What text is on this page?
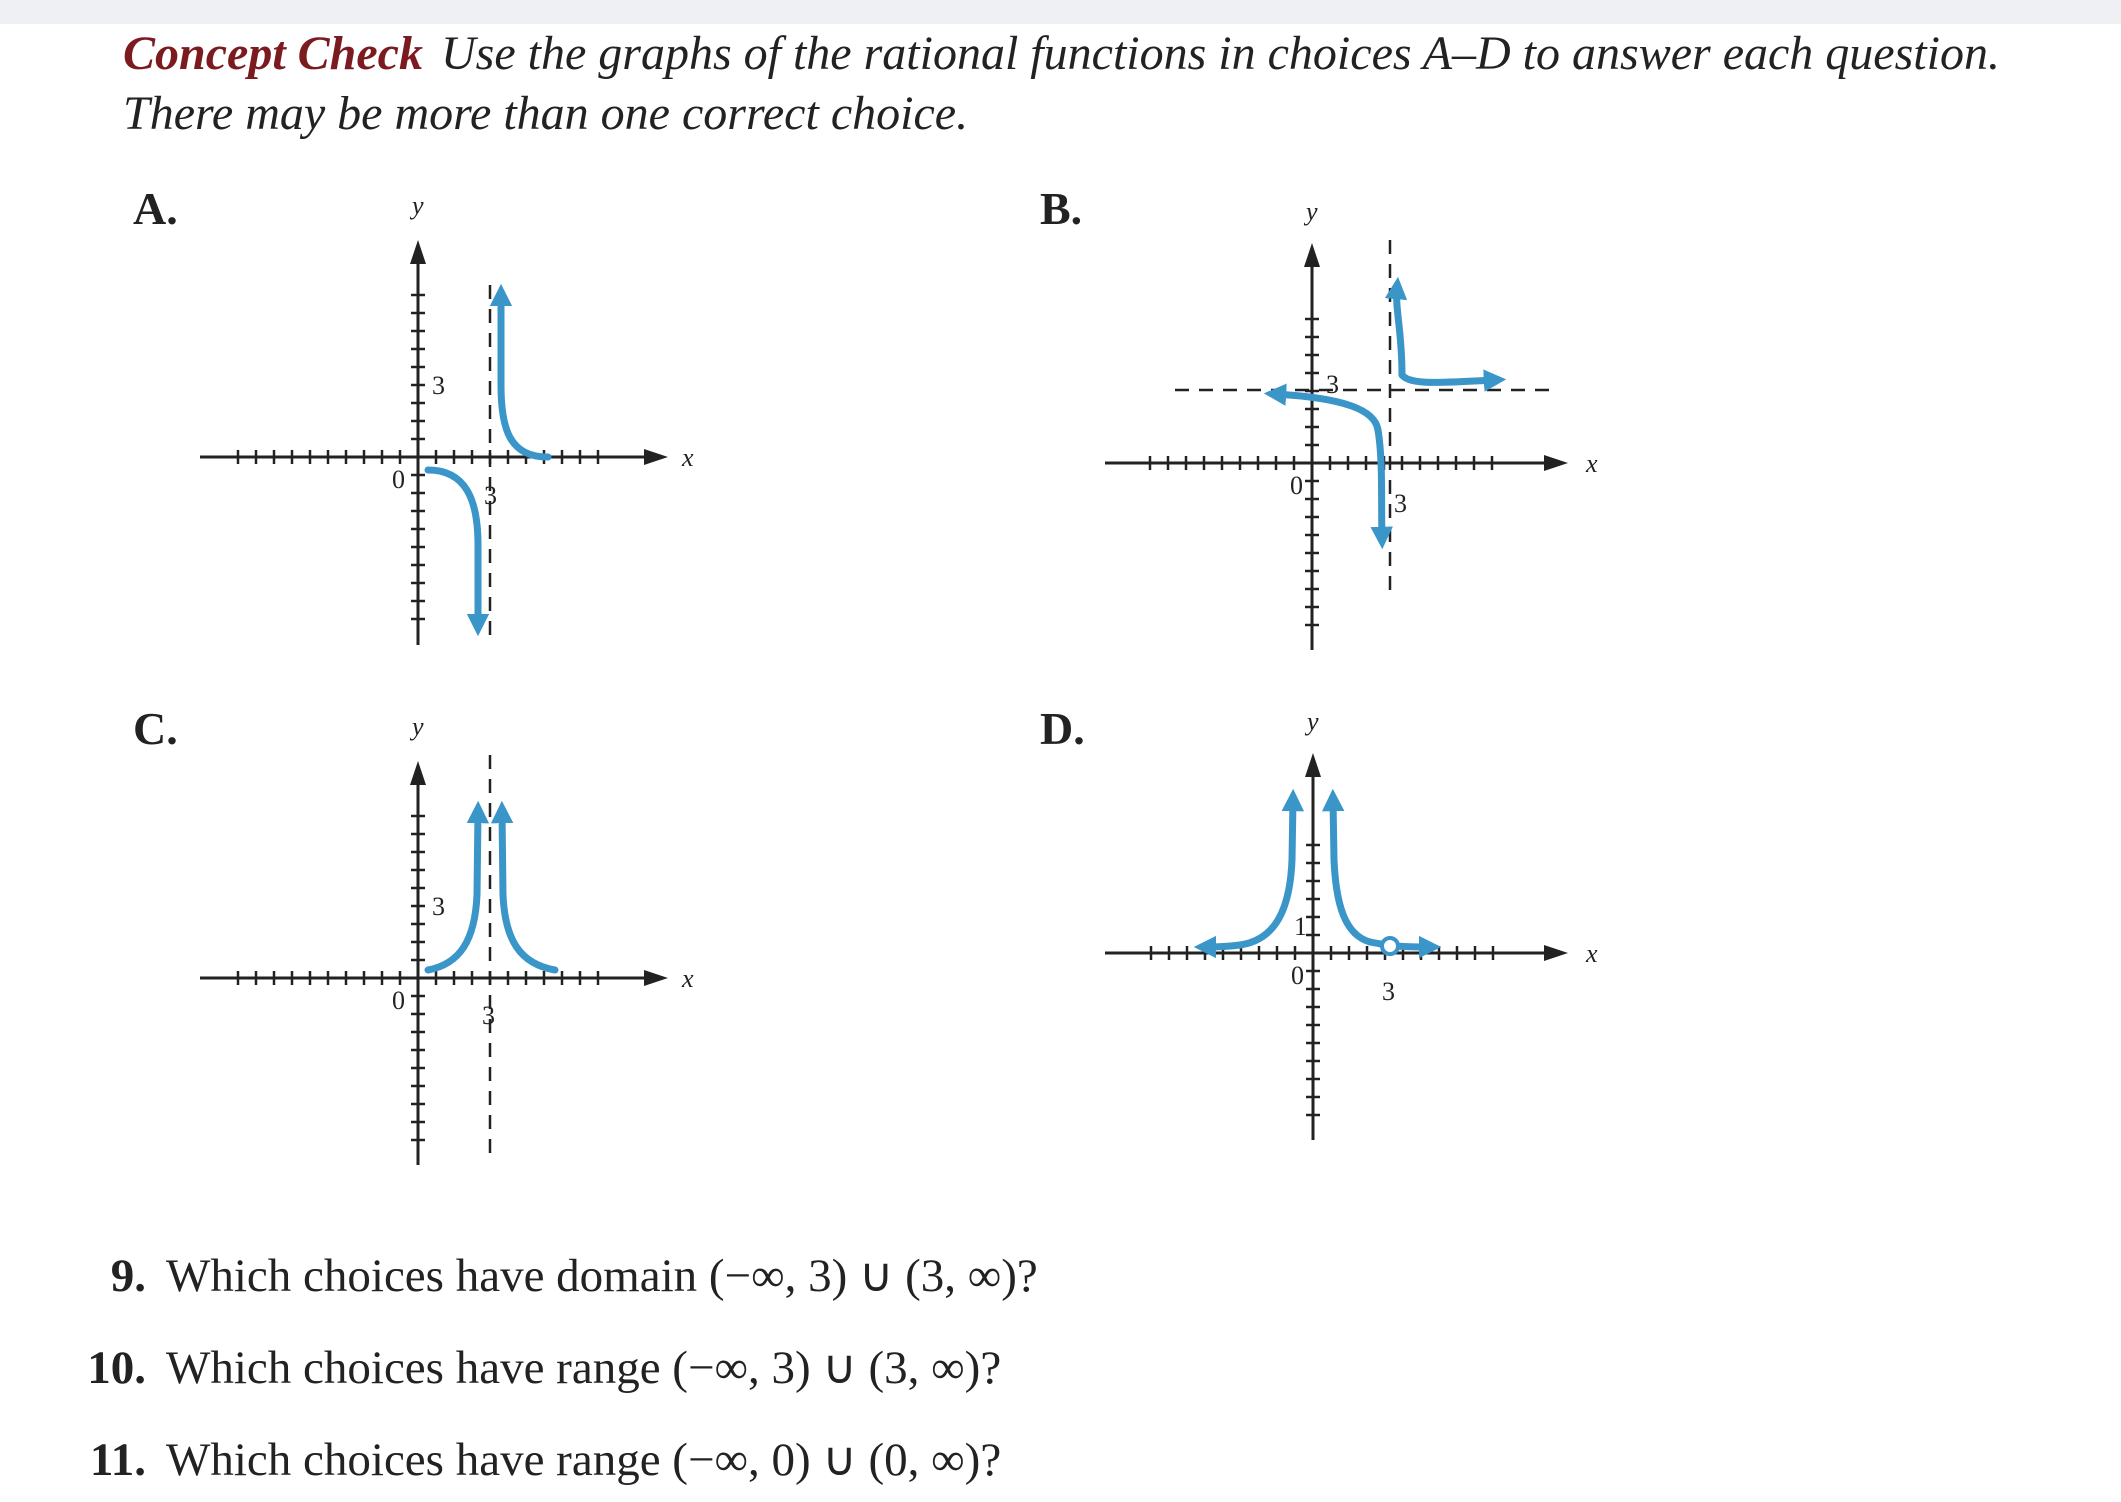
Concept Check Use the graphs of the rational functions in choices A–D to answer each question. There may be more than one correct choice.
A.	B.
C.	D.
y
x
0
3
3
y
x
0
3
3
y
x
0
3
3
y
x
0
3
1
9. Which choices have domain (−∞, 3) ∪ (3, ∞)?
10. Which choices have range (−∞, 3) ∪ (3, ∞)?
11. Which choices have range (−∞, 0) ∪ (0, ∞)?
